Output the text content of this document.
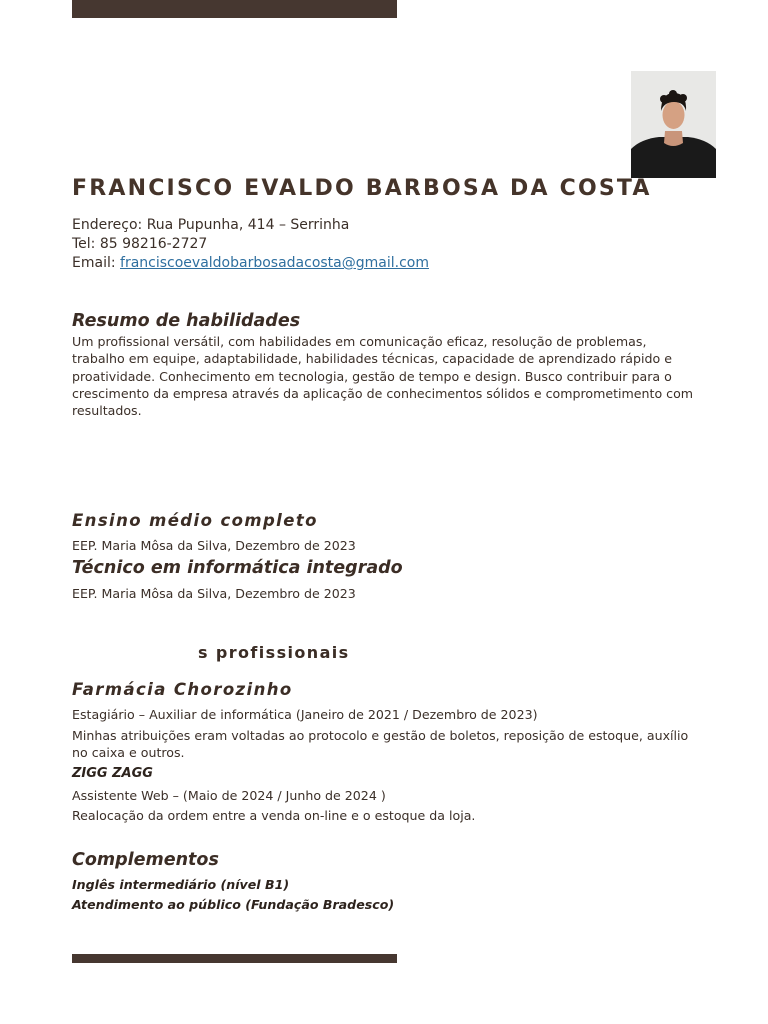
FRANCISCO EVALDO BARBOSA DA COSTA
Endereço: Rua Pupunha, 414 – Serrinha
Tel: 85 98216-2727
Email: franciscoevaldobarbosadacosta@gmail.com
Resumo de habilidades
Um profissional versátil, com habilidades em comunicação eficaz, resolução de problemas, trabalho em equipe, adaptabilidade, habilidades técnicas, capacidade de aprendizado rápido e proatividade. Conhecimento em tecnologia, gestão de tempo e design. Busco contribuir para o crescimento da empresa através da aplicação de conhecimentos sólidos e comprometimento com resultados.
Ensino médio completo
EEP. Maria Môsa da Silva, Dezembro de 2023
Técnico em informática integrado
EEP. Maria Môsa da Silva, Dezembro de 2023
s profissionais
Farmácia Chorozinho
Estagiário – Auxiliar de informática (Janeiro de 2021 / Dezembro de 2023)
Minhas atribuições eram voltadas ao protocolo e gestão de boletos, reposição de estoque, auxílio no caixa e outros.
ZIGG ZAGG
Assistente Web – (Maio de 2024 / Junho de 2024 )
Realocação da ordem entre a venda on-line e o estoque da loja.
Complementos
Inglês intermediário (nível B1)
Atendimento ao público (Fundação Bradesco)
